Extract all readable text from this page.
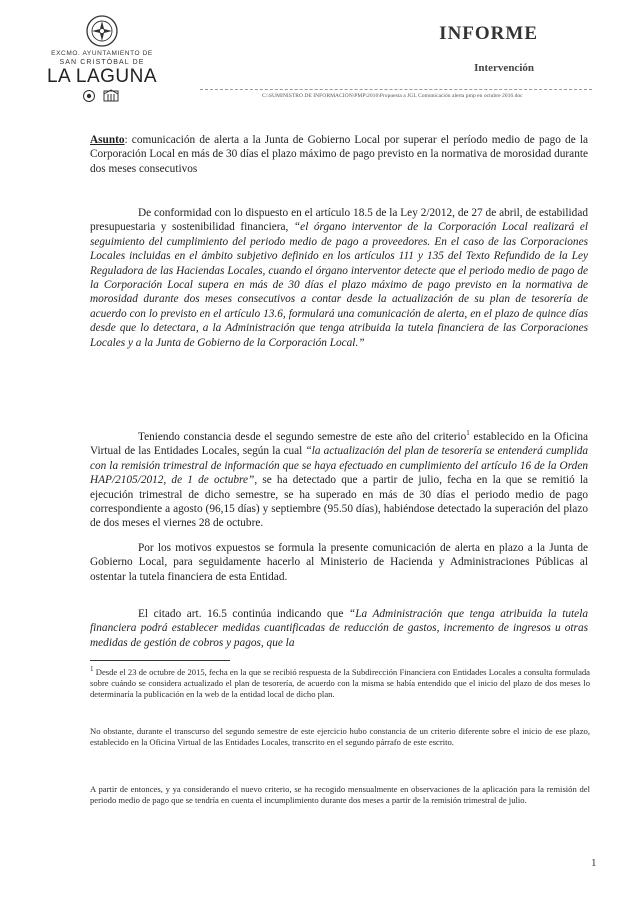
EXCMO. AYUNTAMIENTO DE
SAN CRISTÓBAL DE
LA LAGUNA
INFORME
Intervención
C:\SUMINISTRO DE INFORMACION\PMP\2016\Propuesta a JGL Comunicación alerta pmp en octubre 2016.doc
Asunto: comunicación de alerta a la Junta de Gobierno Local por superar el período medio de pago de la Corporación Local en más de 30 días el plazo máximo de pago previsto en la normativa de morosidad durante dos meses consecutivos
De conformidad con lo dispuesto en el artículo 18.5 de la Ley 2/2012, de 27 de abril, de estabilidad presupuestaria y sostenibilidad financiera, “el órgano interventor de la Corporación Local realizará el seguimiento del cumplimiento del periodo medio de pago a proveedores. En el caso de las Corporaciones Locales incluidas en el ámbito subjetivo definido en los artículos 111 y 135 del Texto Refundido de la Ley Reguladora de las Haciendas Locales, cuando el órgano interventor detecte que el periodo medio de pago de la Corporación Local supera en más de 30 días el plazo máximo de pago previsto en la normativa de morosidad durante dos meses consecutivos a contar desde la actualización de su plan de tesorería de acuerdo con lo previsto en el artículo 13.6, formulará una comunicación de alerta, en el plazo de quince días desde que lo detectara, a la Administración que tenga atribuida la tutela financiera de las Corporaciones Locales y a la Junta de Gobierno de la Corporación Local.”
Teniendo constancia desde el segundo semestre de este año del criterio$^1$ establecido en la Oficina Virtual de las Entidades Locales, según la cual “la actualización del plan de tesorería se entenderá cumplida con la remisión trimestral de información que se haya efectuado en cumplimiento del artículo 16 de la Orden HAP/2105/2012, de 1 de octubre”, se ha detectado que a partir de julio, fecha en la que se remitió la ejecución trimestral de dicho semestre, se ha superado en más de 30 días el periodo medio de pago correspondiente a agosto (96,15 días) y septiembre (95.50 días), habiéndose detectado la superación del plazo de dos meses el viernes 28 de octubre.
Por los motivos expuestos se formula la presente comunicación de alerta en plazo a la Junta de Gobierno Local, para seguidamente hacerlo al Ministerio de Hacienda y Administraciones Públicas al ostentar la tutela financiera de esta Entidad.
El citado art. 16.5 continúa indicando que “La Administración que tenga atribuida la tutela financiera podrá establecer medidas cuantificadas de reducción de gastos, incremento de ingresos u otras medidas de gestión de cobros y pagos, que la
$^1$ Desde el 23 de octubre de 2015, fecha en la que se recibió respuesta de la Subdirección Financiera con Entidades Locales a consulta formulada sobre cuándo se considera actualizado el plan de tesorería, de acuerdo con la misma se había entendido que el inicio del plazo de dos meses lo determinaría la publicación en la web de la entidad local de dicho plan.
No obstante, durante el transcurso del segundo semestre de este ejercicio hubo constancia de un criterio diferente sobre el inicio de ese plazo, establecido en la Oficina Virtual de las Entidades Locales, transcrito en el segundo párrafo de este escrito.
A partir de entonces, y ya considerando el nuevo criterio, se ha recogido mensualmente en observaciones de la aplicación para la remisión del periodo medio de pago que se tendría en cuenta el incumplimiento durante dos meses a partir de la remisión trimestral de julio.
1
